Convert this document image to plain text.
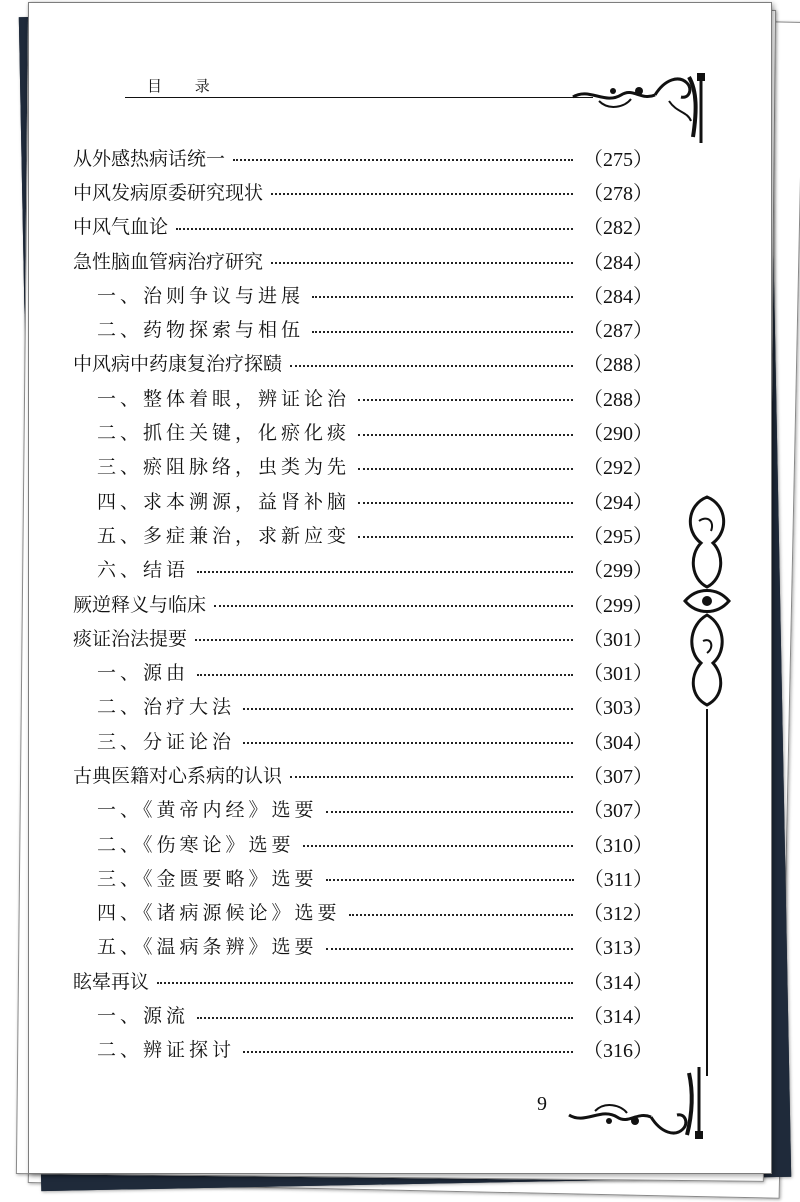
目 录
从外感热病话统一	（275）
中风发病原委研究现状	（278）
中风气血论	（282）
急性脑血管病治疗研究	（284）
一、治则争议与进展	（284）
二、药物探索与相伍	（287）
中风病中药康复治疗探赜	（288）
一、整体着眼，辨证论治	（288）
二、抓住关键，化瘀化痰	（290）
三、瘀阻脉络，虫类为先	（292）
四、求本溯源，益肾补脑	（294）
五、多症兼治，求新应变	（295）
六、结语	（299）
厥逆释义与临床	（299）
痰证治法提要	（301）
一、源由	（301）
二、治疗大法	（303）
三、分证论治	（304）
古典医籍对心系病的认识	（307）
一、《黄帝内经》选要	（307）
二、《伤寒论》选要	（310）
三、《金匮要略》选要	（311）
四、《诸病源候论》选要	（312）
五、《温病条辨》选要	（313）
眩晕再议	（314）
一、源流	（314）
二、辨证探讨	（316）
9
